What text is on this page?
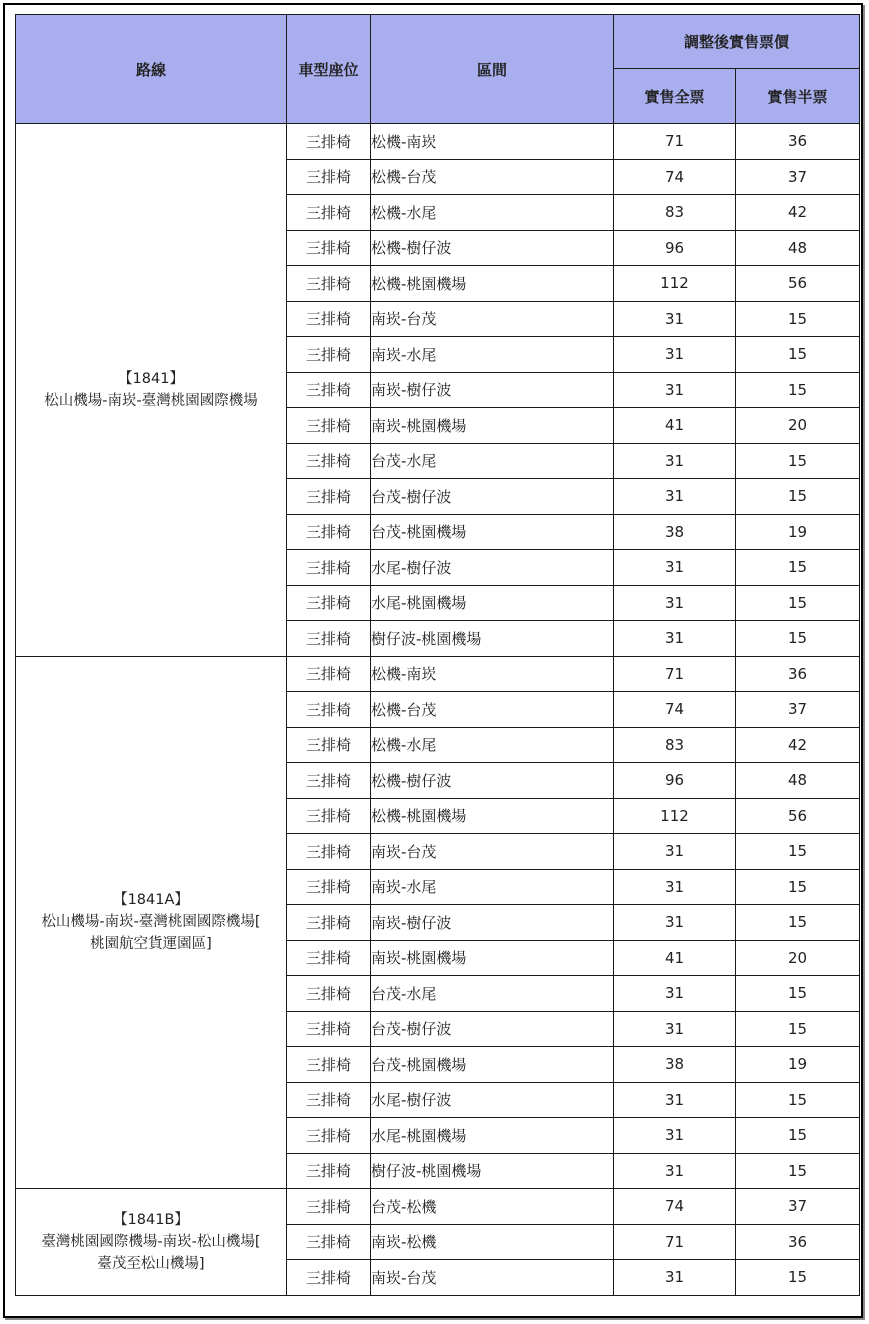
路線	車型座位	區間	調整後實售票價	
			實售全票	實售半票

【1841】
松山機場-南崁-臺灣桃園國際機場	三排椅	松機-南崁	71	36
	三排椅	松機-台茂	74	37
	三排椅	松機-水尾	83	42
	三排椅	松機-樹仔波	96	48
	三排椅	松機-桃園機場	112	56
	三排椅	南崁-台茂	31	15
	三排椅	南崁-水尾	31	15
	三排椅	南崁-樹仔波	31	15
	三排椅	南崁-桃園機場	41	20
	三排椅	台茂-水尾	31	15
	三排椅	台茂-樹仔波	31	15
	三排椅	台茂-桃園機場	38	19
	三排椅	水尾-樹仔波	31	15
	三排椅	水尾-桃園機場	31	15
	三排椅	樹仔波-桃園機場	31	15

【1841A】
松山機場-南崁-臺灣桃園國際機場[
桃園航空貨運園區]	三排椅	松機-南崁	71	36
	三排椅	松機-台茂	74	37
	三排椅	松機-水尾	83	42
	三排椅	松機-樹仔波	96	48
	三排椅	松機-桃園機場	112	56
	三排椅	南崁-台茂	31	15
	三排椅	南崁-水尾	31	15
	三排椅	南崁-樹仔波	31	15
	三排椅	南崁-桃園機場	41	20
	三排椅	台茂-水尾	31	15
	三排椅	台茂-樹仔波	31	15
	三排椅	台茂-桃園機場	38	19
	三排椅	水尾-樹仔波	31	15
	三排椅	水尾-桃園機場	31	15
	三排椅	樹仔波-桃園機場	31	15

【1841B】
臺灣桃園國際機場-南崁-松山機場[
臺茂至松山機場]	三排椅	台茂-松機	74	37
	三排椅	南崁-松機	71	36
	三排椅	南崁-台茂	31	15
